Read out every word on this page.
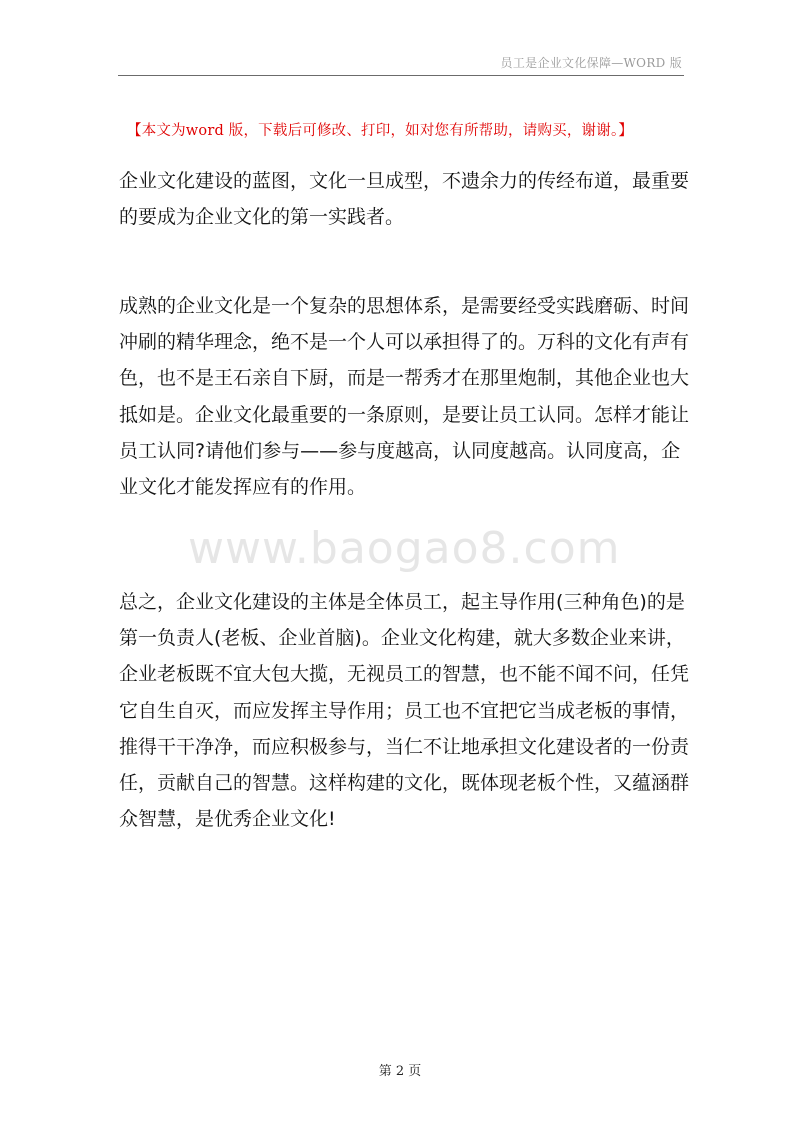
员工是企业文化保障—WORD 版
【本文为word 版，下载后可修改、打印，如对您有所帮助，请购买，谢谢。】
www.baogao8.com

企业文化建设的蓝图，文化一旦成型，不遗余力的传经布道，最重要
的要成为企业文化的第一实践者。

成熟的企业文化是一个复杂的思想体系，是需要经受实践磨砺、时间
冲刷的精华理念，绝不是一个人可以承担得了的。万科的文化有声有
色，也不是王石亲自下厨，而是一帮秀才在那里炮制，其他企业也大
抵如是。企业文化最重要的一条原则，是要让员工认同。怎样才能让
员工认同?请他们参与——参与度越高，认同度越高。认同度高，企
业文化才能发挥应有的作用。

总之，企业文化建设的主体是全体员工，起主导作用(三种角色)的是
第一负责人(老板、企业首脑)。企业文化构建，就大多数企业来讲，
企业老板既不宜大包大揽，无视员工的智慧，也不能不闻不问，任凭
它自生自灭，而应发挥主导作用；员工也不宜把它当成老板的事情，
推得干干净净，而应积极参与，当仁不让地承担文化建设者的一份责
任，贡献自己的智慧。这样构建的文化，既体现老板个性，又蕴涵群
众智慧，是优秀企业文化!

第 2 页
